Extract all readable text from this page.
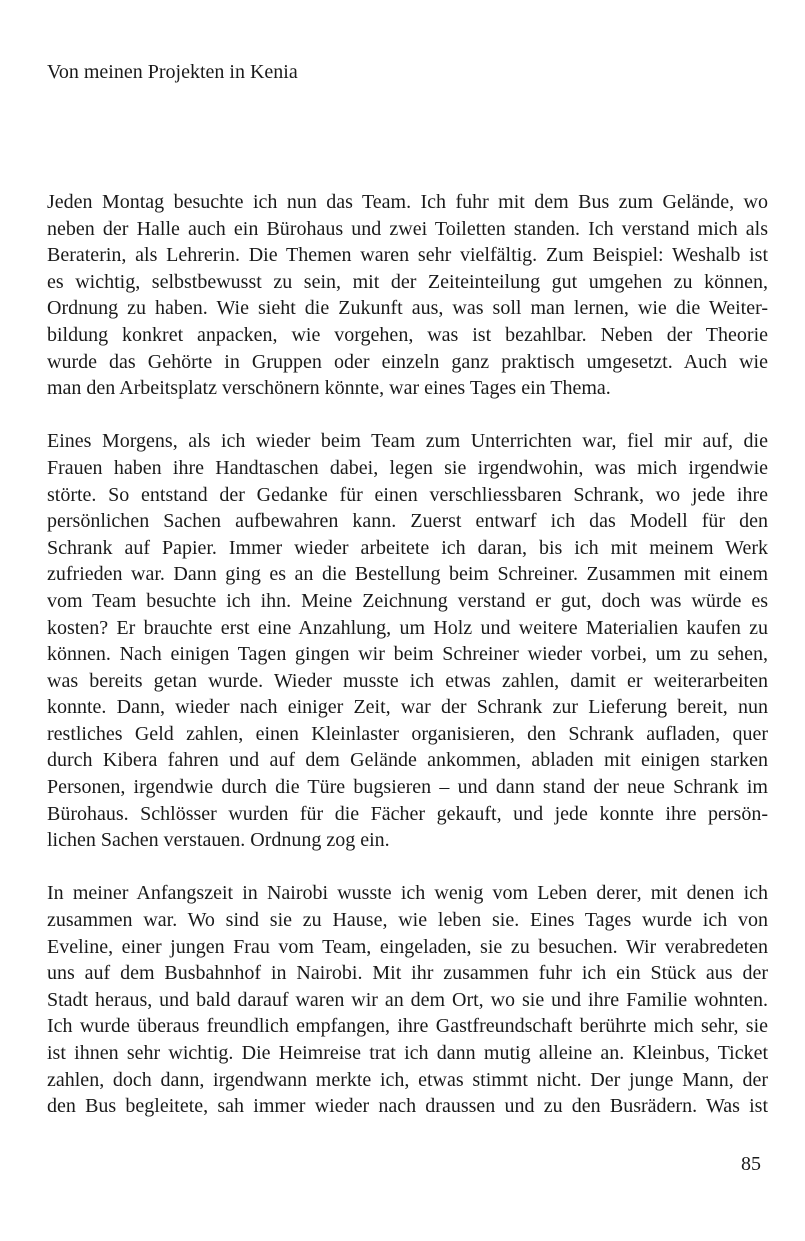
Von meinen Projekten in Kenia
Jeden Montag besuchte ich nun das Team. Ich fuhr mit dem Bus zum Gelände, wo
neben der Halle auch ein Bürohaus und zwei Toiletten standen. Ich verstand mich als
Beraterin, als Lehrerin. Die Themen waren sehr vielfältig. Zum Beispiel: Weshalb ist
es wichtig, selbstbewusst zu sein, mit der Zeiteinteilung gut umgehen zu können,
Ordnung zu haben. Wie sieht die Zukunft aus, was soll man lernen, wie die Weiter-
bildung konkret anpacken, wie vorgehen, was ist bezahlbar. Neben der Theorie
wurde das Gehörte in Gruppen oder einzeln ganz praktisch umgesetzt. Auch wie
man den Arbeitsplatz verschönern könnte, war eines Tages ein Thema.
Eines Morgens, als ich wieder beim Team zum Unterrichten war, fiel mir auf, die
Frauen haben ihre Handtaschen dabei, legen sie irgendwohin, was mich irgendwie
störte. So entstand der Gedanke für einen verschliessbaren Schrank, wo jede ihre
persönlichen Sachen aufbewahren kann. Zuerst entwarf ich das Modell für den
Schrank auf Papier. Immer wieder arbeitete ich daran, bis ich mit meinem Werk
zufrieden war. Dann ging es an die Bestellung beim Schreiner. Zusammen mit einem
vom Team besuchte ich ihn. Meine Zeichnung verstand er gut, doch was würde es
kosten? Er brauchte erst eine Anzahlung, um Holz und weitere Materialien kaufen zu
können. Nach einigen Tagen gingen wir beim Schreiner wieder vorbei, um zu sehen,
was bereits getan wurde. Wieder musste ich etwas zahlen, damit er weiterarbeiten
konnte. Dann, wieder nach einiger Zeit, war der Schrank zur Lieferung bereit, nun
restliches Geld zahlen, einen Kleinlaster organisieren, den Schrank aufladen, quer
durch Kibera fahren und auf dem Gelände ankommen, abladen mit einigen starken
Personen, irgendwie durch die Türe bugsieren – und dann stand der neue Schrank im
Bürohaus. Schlösser wurden für die Fächer gekauft, und jede konnte ihre persön-
lichen Sachen verstauen. Ordnung zog ein.
In meiner Anfangszeit in Nairobi wusste ich wenig vom Leben derer, mit denen ich
zusammen war. Wo sind sie zu Hause, wie leben sie. Eines Tages wurde ich von
Eveline, einer jungen Frau vom Team, eingeladen, sie zu besuchen. Wir verabredeten
uns auf dem Busbahnhof in Nairobi. Mit ihr zusammen fuhr ich ein Stück aus der
Stadt heraus, und bald darauf waren wir an dem Ort, wo sie und ihre Familie wohnten.
Ich wurde überaus freundlich empfangen, ihre Gastfreundschaft berührte mich sehr, sie
ist ihnen sehr wichtig. Die Heimreise trat ich dann mutig alleine an. Kleinbus, Ticket
zahlen, doch dann, irgendwann merkte ich, etwas stimmt nicht. Der junge Mann, der
den Bus begleitete, sah immer wieder nach draussen und zu den Busrädern. Was ist
85
